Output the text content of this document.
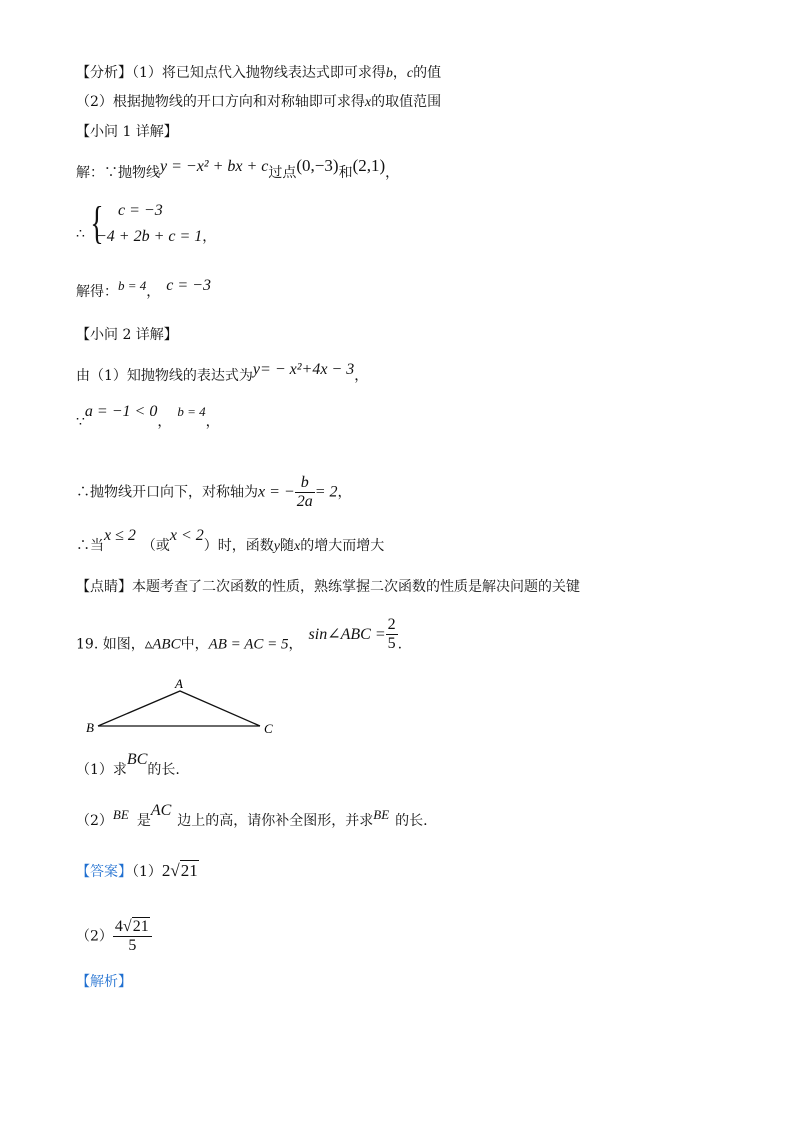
【分析】（1）将已知点代入抛物线表达式即可求得b，c的值
（2）根据抛物线的开口方向和对称轴即可求得x的取值范围
【小问 1 详解】
解：∵抛物线y = −x² + bx + c过点(0,−3)和(2,1)，
∴ { c = −3
−4 + 2b + c = 1，
解得：b = 4， c = −3
【小问 2 详解】
由（1）知抛物线的表达式为y= − x²+4x − 3，
∵a = −1 < 0，b = 4，
∴抛物线开口向下，对称轴为x = − $\frac{b}{2a} = 2$，
∴当x ≤ 2（或x < 2）时，函数y随x的增大而增大
【点睛】本题考查了二次函数的性质，熟练掌握二次函数的性质是解决问题的关键
19. 如图，▵ABC中，AB = AC = 5，sin∠ABC = $\frac{2}{5}$ .
A
B	C
（1）求BC的长.
（2）BE 是AC边上的高，请你补全图形，并求BE 的长.
【答案】（1）2√21
$(2) \frac{4√21}{5}$
【解析】
